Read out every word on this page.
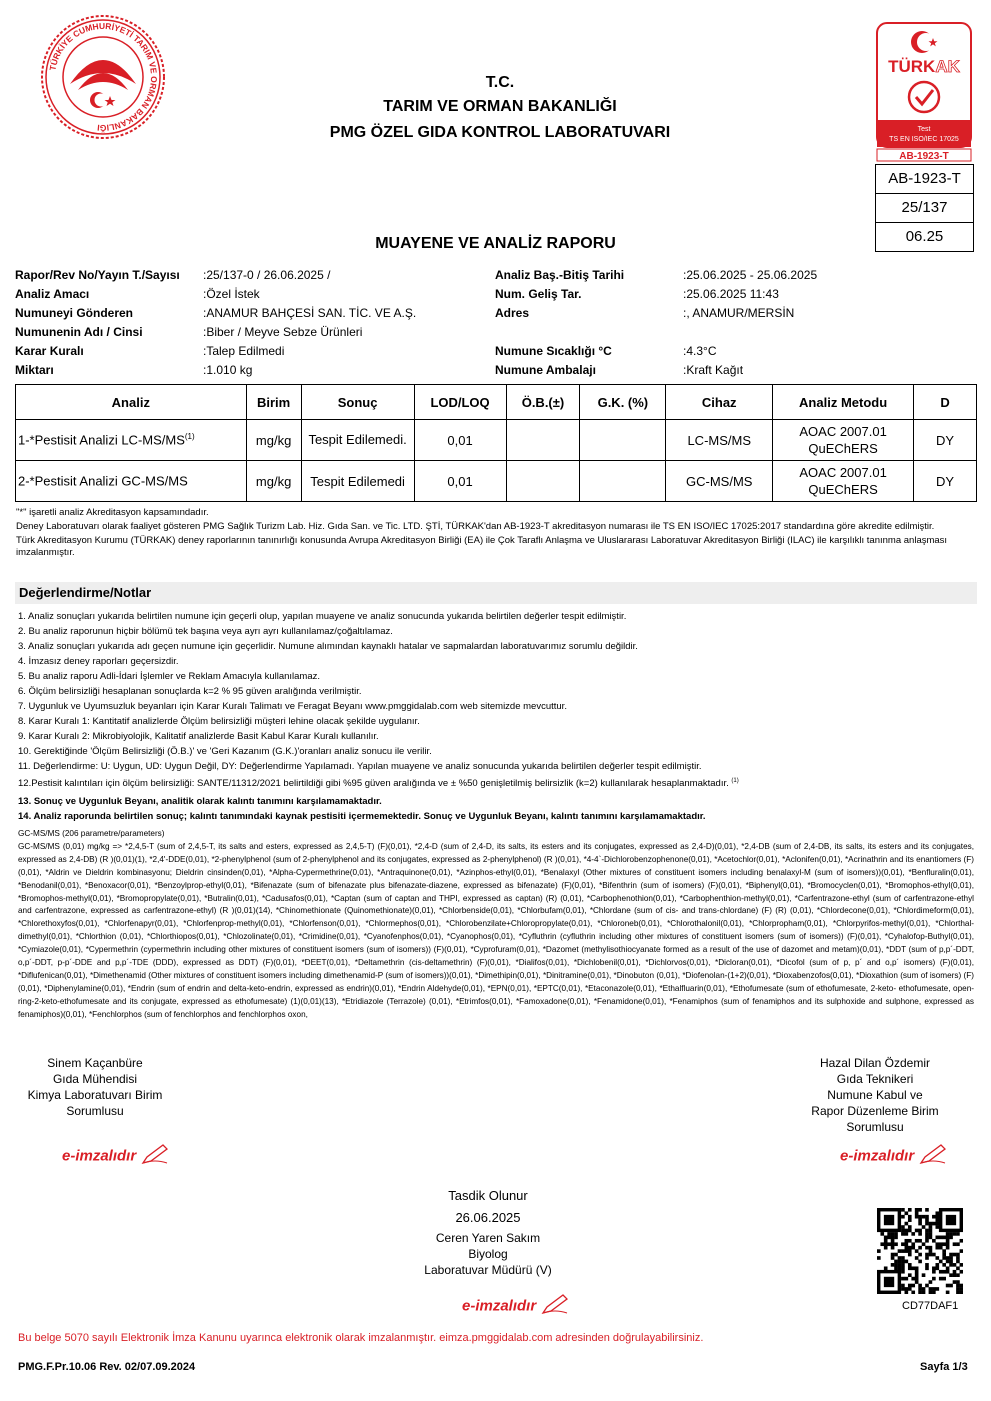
TÜRKİYE CUMHURİYETİ TARIM VE ORMAN BAKANLIĞI
T.C.
TARIM VE ORMAN BAKANLIĞI
PMG ÖZEL GIDA KONTROL LABORATUVARI
TÜRKAK
Test
TS EN ISO/IEC 17025
AB-1923-T
AB-1923-T
25/137
06.25
MUAYENE VE ANALİZ RAPORU
Rapor/Rev No/Yayın T./Sayısı :25/137-0 / 26.06.2025 /
Analiz Amacı	:Özel İstek
Numuneyi Gönderen	:ANAMUR BAHÇESİ SAN. TİC. VE A.Ş.
Numunenin Adı / Cinsi	:Biber / Meyve Sebze Ürünleri
Karar Kuralı	:Talep Edilmedi
Miktarı	:1.010 kg
Analiz Baş.-Bitiş Tarihi	:25.06.2025 - 25.06.2025
Num. Geliş Tar.	:25.06.2025 11:43
Adres	:, ANAMUR/MERSİN
Numune Sıcaklığı °C	:4.3°C
Numune Ambalajı	:Kraft Kağıt
Analiz	Birim	Sonuç	LOD/LOQ	Ö.B.(±)	G.K. (%)	Cihaz	Analiz Metodu	D
1-*Pestisit Analizi LC-MS/MS$^{(1)}$	mg/kg	Tespit Edilemedi.	0,01			LC-MS/MS	AOAC 2007.01
QuEChERS	DY
2-*Pestisit Analizi GC-MS/MS	mg/kg	Tespit Edilemedi	0,01			GC-MS/MS	AOAC 2007.01
QuEChERS	DY
"*" işaretli analiz Akreditasyon kapsamındadır.
Deney Laboratuvarı olarak faaliyet gösteren PMG Sağlık Turizm Lab. Hiz. Gıda San. ve Tic. LTD. ŞTİ, TÜRKAK'dan AB-1923-T akreditasyon numarası ile TS EN ISO/IEC 17025:2017 standardına göre akredite edilmiştir.
Türk Akreditasyon Kurumu (TÜRKAK) deney raporlarının tanınırlığı konusunda Avrupa Akreditasyon Birliği (EA) ile Çok Taraflı Anlaşma ve Uluslararası Laboratuvar Akreditasyon Birliği (ILAC) ile karşılıklı tanınma anlaşması imzalanmıştır.
Değerlendirme/Notlar
1. Analiz sonuçları yukarıda belirtilen numune için geçerli olup, yapılan muayene ve analiz sonucunda yukarıda belirtilen değerler tespit edilmiştir.
2. Bu analiz raporunun hiçbir bölümü tek başına veya ayrı ayrı kullanılamaz/çoğaltılamaz.
3. Analiz sonuçları yukarıda adı geçen numune için geçerlidir. Numune alımından kaynaklı hatalar ve sapmalardan laboratuvarımız sorumlu değildir.
4. İmzasız deney raporları geçersizdir.
5. Bu analiz raporu Adli-İdari İşlemler ve Reklam Amacıyla kullanılamaz.
6. Ölçüm belirsizliği hesaplanan sonuçlarda k=2 % 95 güven aralığında verilmiştir.
7. Uygunluk ve Uyumsuzluk beyanları için Karar Kuralı Talimatı ve Feragat Beyanı www.pmggidalab.com web sitemizde mevcuttur.
8. Karar Kuralı 1: Kantitatif analizlerde Ölçüm belirsizliği müşteri lehine olacak şekilde uygulanır.
9. Karar Kuralı 2: Mikrobiyolojik, Kalitatif analizlerde Basit Kabul Karar Kuralı kullanılır.
10. Gerektiğinde 'Ölçüm Belirsizliği (Ö.B.)' ve 'Geri Kazanım (G.K.)'oranları analiz sonucu ile verilir.
11. Değerlendirme: U: Uygun, UD: Uygun Değil, DY: Değerlendirme Yapılamadı. Yapılan muayene ve analiz sonucunda yukarıda belirtilen değerler tespit edilmiştir.
12.Pestisit kalıntıları için ölçüm belirsizliği: SANTE/11312/2021 belirtildiği gibi %95 güven aralığında ve ± %50 genişletilmiş belirsizlik (k=2) kullanılarak hesaplanmaktadır. $^{(1)}$
13. Sonuç ve Uygunluk Beyanı, analitik olarak kalıntı tanımını karşılamamaktadır.
14. Analiz raporunda belirtilen sonuç; kalıntı tanımındaki kaynak pestisiti içermemektedir. Sonuç ve Uygunluk Beyanı, kalıntı tanımını karşılamamaktadır.
GC-MS/MS (206 parametre/parameters)
GC-MS/MS (0,01) mg/kg => *2,4,5-T (sum of 2,4,5-T, its salts and esters, expressed as 2,4,5-T) (F)(0,01), *2,4-D (sum of 2,4-D, its salts, its esters and its conjugates, expressed as 2,4-D)(0,01), *2,4-DB (sum of 2,4-DB, its salts, its esters and its conjugates, expressed as 2,4-DB) (R )(0,01)(1), *2,4'-DDE(0,01), *2-phenylphenol (sum of 2-phenylphenol and its conjugates, expressed as 2-phenylphenol) (R )(0,01), *4-4`-Dichlorobenzophenone(0,01), *Acetochlor(0,01), *Aclonifen(0,01), *Acrinathrin and its enantiomers (F)(0,01), *Aldrin ve Dieldrin kombinasyonu; Dieldrin cinsinden(0,01), *Alpha-Cypermethrine(0,01), *Antraquinone(0,01), *Azinphos-ethyl(0,01), *Benalaxyl (Other mixtures of constituent isomers including benalaxyl-M (sum of isomers))(0,01), *Benfluralin(0,01), *Benodanil(0,01), *Benoxacor(0,01), *Benzoylprop-ethyl(0,01), *Bifenazate (sum of bifenazate plus bifenazate-diazene, expressed as bifenazate) (F)(0,01), *Bifenthrin (sum of isomers) (F)(0,01), *Biphenyl(0,01), *Bromocyclen(0,01), *Bromophos-ethyl(0,01), *Bromophos-methyl(0,01), *Bromopropylate(0,01), *Butralin(0,01), *Cadusafos(0,01), *Captan (sum of captan and THPI, expressed as captan) (R) (0,01), *Carbophenothion(0,01), *Carbophenthion-methyl(0,01), *Carfentrazone-ethyl (sum of carfentrazone-ethyl and carfentrazone, expressed as carfentrazone-ethyl) (R )(0,01)(14), *Chinomethionate (Quinomethionate)(0,01), *Chlorbenside(0,01), *Chlorbufam(0,01), *Chlordane (sum of cis- and trans-chlordane) (F) (R) (0,01), *Chlordecone(0,01), *Chlordimeform(0,01), *Chlorethoxyfos(0,01), *Chlorfenapyr(0,01), *Chlorfenprop-methyl(0,01), *Chlorfenson(0,01), *Chlormephos(0,01), *Chlorobenzilate+Chloropropylate(0,01), *Chloroneb(0,01), *Chlorothalonil(0,01), *Chlorpropham(0,01), *Chlorpyrifos-methyl(0,01), *Chlorthal-dimethyl(0,01), *Chlorthion (0,01), *Chlorthiopos(0,01), *Chlozolinate(0,01), *Crimidine(0,01), *Cyanofenphos(0,01), *Cyanophos(0,01), *Cyfluthrin (cyfluthrin including other mixtures of constituent isomers (sum of isomers)) (F)(0,01), *Cyhalofop-Buthyl(0,01), *Cymiazole(0,01), *Cypermethrin (cypermethrin including other mixtures of constituent isomers (sum of isomers)) (F)(0,01), *Cyprofuram(0,01), *Dazomet (methylisothiocyanate formed as a result of the use of dazomet and metam)(0,01), *DDT (sum of p,p´-DDT, o,p´-DDT, p-p´-DDE and p,p´-TDE (DDD), expressed as DDT) (F)(0,01), *DEET(0,01), *Deltamethrin (cis-deltamethrin) (F)(0,01), *Dialifos(0,01), *Dichlobenil(0,01), *Dichlorvos(0,01), *Dicloran(0,01), *Dicofol (sum of p, p´ and o,p´ isomers) (F)(0,01), *Diflufenican(0,01), *Dimethenamid (Other mixtures of constituent isomers including dimethenamid-P (sum of isomers))(0,01), *Dimethipin(0,01), *Dinitramine(0,01), *Dinobuton (0,01), *Diofenolan-(1+2)(0,01), *Dioxabenzofos(0,01), *Dioxathion (sum of isomers) (F)(0,01), *Diphenylamine(0,01), *Endrin (sum of endrin and delta-keto-endrin, expressed as endrin)(0,01), *Endrin Aldehyde(0,01), *EPN(0,01), *EPTC(0,01), *Etaconazole(0,01), *Ethalfluarin(0,01), *Ethofumesate (sum of ethofumesate, 2-keto- ethofumesate, open-ring-2-keto-ethofumesate and its conjugate, expressed as ethofumesate) (1)(0,01)(13), *Etridiazole (Terrazole) (0,01), *Etrimfos(0,01), *Famoxadone(0,01), *Fenamidone(0,01), *Fenamiphos (sum of fenamiphos and its sulphoxide and sulphone, expressed as fenamiphos)(0,01), *Fenchlorphos (sum of fenchlorphos and fenchlorphos oxon,
Sinem Kaçanbüre
Gıda Mühendisi
Kimya Laboratuvarı Birim
Sorumlusu
e-imzalıdır
Hazal Dilan Özdemir
Gıda Teknikeri
Numune Kabul ve
Rapor Düzenleme Birim
Sorumlusu
e-imzalıdır
Tasdik Olunur
26.06.2025
Ceren Yaren Sakım
Biyolog
Laboratuvar Müdürü (V)
e-imzalıdır	CD77DAF1
Bu belge 5070 sayılı Elektronik İmza Kanunu uyarınca elektronik olarak imzalanmıştır. eimza.pmggidalab.com adresinden doğrulayabilirsiniz.
PMG.F.Pr.10.06 Rev. 02/07.09.2024	Sayfa 1/3
